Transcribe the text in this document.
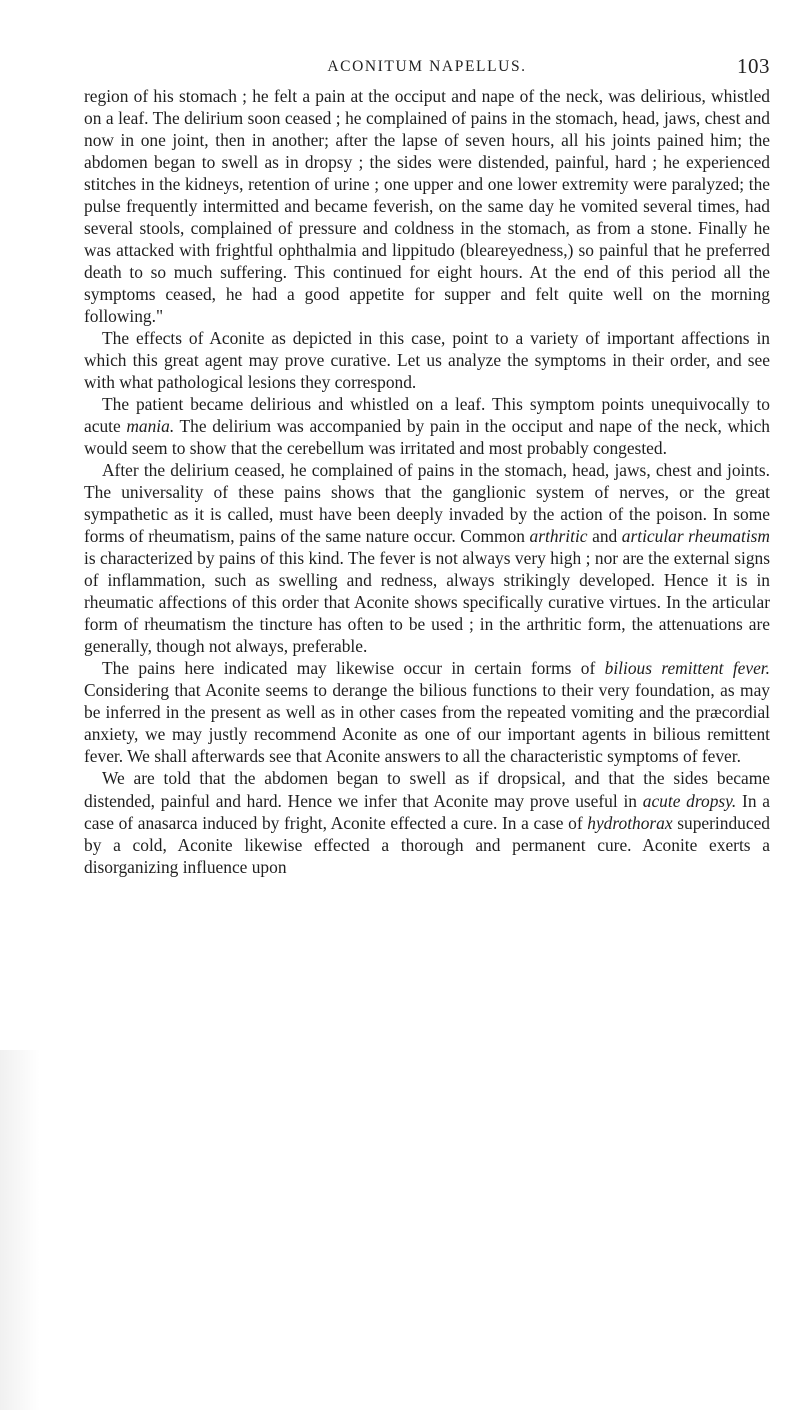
ACONITUM NAPELLUS.	103

region of his stomach ; he felt a pain at the occiput and nape of the neck, was delirious, whistled on a leaf. The delirium soon ceased ; he complained of pains in the stomach, head, jaws, chest and now in one joint, then in another; after the lapse of seven hours, all his joints pained him; the abdomen began to swell as in dropsy ; the sides were distended, painful, hard ; he experienced stitches in the kidneys, retention of urine ; one upper and one lower extremity were paralyzed; the pulse frequently intermitted and became feverish, on the same day he vomited several times, had several stools, complained of pressure and coldness in the stomach, as from a stone. Finally he was attacked with frightful ophthalmia and lippitudo (bleareyedness,) so painful that he preferred death to so much suffering. This continued for eight hours. At the end of this period all the symptoms ceased, he had a good appetite for supper and felt quite well on the morning following."

The effects of Aconite as depicted in this case, point to a variety of important affections in which this great agent may prove curative. Let us analyze the symptoms in their order, and see with what pathological lesions they correspond.

The patient became delirious and whistled on a leaf. This symptom points unequivocally to acute mania. The delirium was accompanied by pain in the occiput and nape of the neck, which would seem to show that the cerebellum was irritated and most probably congested.

After the delirium ceased, he complained of pains in the stomach, head, jaws, chest and joints. The universality of these pains shows that the ganglionic system of nerves, or the great sympathetic as it is called, must have been deeply invaded by the action of the poison. In some forms of rheumatism, pains of the same nature occur. Common arthritic and articular rheumatism is characterized by pains of this kind. The fever is not always very high ; nor are the external signs of inflammation, such as swelling and redness, always strikingly developed. Hence it is in rheumatic affections of this order that Aconite shows specifically curative virtues. In the articular form of rheumatism the tincture has often to be used ; in the arthritic form, the attenuations are generally, though not always, preferable.

The pains here indicated may likewise occur in certain forms of bilious remittent fever. Considering that Aconite seems to derange the bilious functions to their very foundation, as may be inferred in the present as well as in other cases from the repeated vomiting and the præcordial anxiety, we may justly recommend Aconite as one of our important agents in bilious remittent fever. We shall afterwards see that Aconite answers to all the characteristic symptoms of fever.

We are told that the abdomen began to swell as if dropsical, and that the sides became distended, painful and hard. Hence we infer that Aconite may prove useful in acute dropsy. In a case of anasarca induced by fright, Aconite effected a cure. In a case of hydrothorax superinduced by a cold, Aconite likewise effected a thorough and permanent cure. Aconite exerts a disorganizing influence upon
